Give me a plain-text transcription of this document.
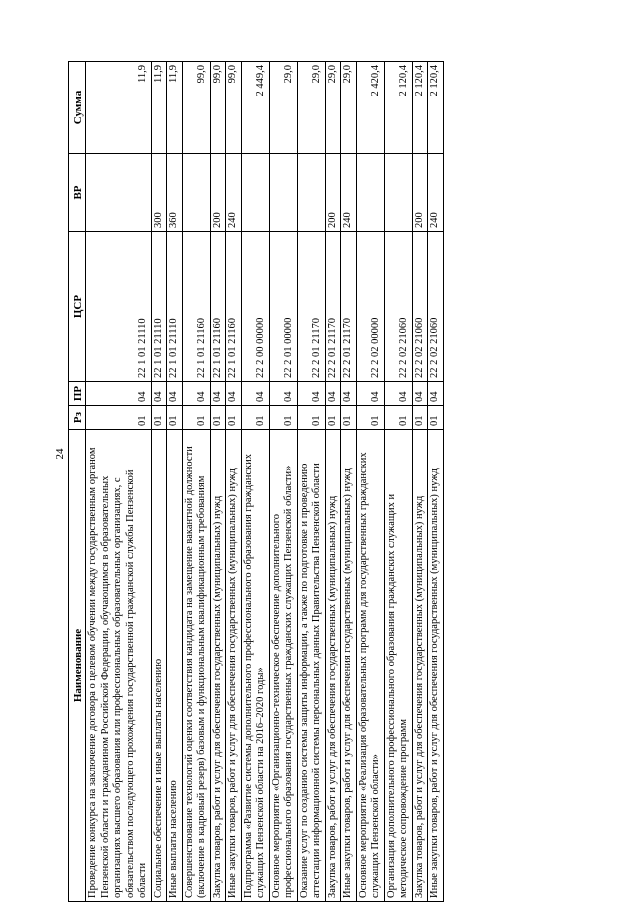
24
Наименование	Рз	ПР	ЦСР	ВР	Сумма
Проведение конкурса на заключение договора о целевом обучении между государственным органом Пензенской области и гражданином Российской Федерации, обучающимся в образовательных организациях высшего образования или профессиональных образовательных организациях, с обязательством последующего прохождения государственной гражданской службы Пензенской области	01	04	22 1 01 21110		11,9
Социальное обеспечение и иные выплаты населению	01	04	22 1 01 21110	300	11,9
Иные выплаты населению	01	04	22 1 01 21110	360	11,9
Совершенствование технологий оценки соответствия кандидата на замещение вакантной должности (включение в кадровый резерв) базовым и функциональным квалификационным требованиям	01	04	22 1 01 21160		99,0
Закупка товаров, работ и услуг для обеспечения государственных (муниципальных) нужд	01	04	22 1 01 21160	200	99,0
Иные закупки товаров, работ и услуг для обеспечения государственных (муниципальных) нужд	01	04	22 1 01 21160	240	99,0
Подпрограмма «Развитие системы дополнительного профессионального образования гражданских служащих Пензенской области на 2016–2020 годы»	01	04	22 2 00 00000		2 449,4
Основное мероприятие «Организационно-техническое обеспечение дополнительного профессионального образования государственных гражданских служащих Пензенской области»	01	04	22 2 01 00000		29,0
Оказание услуг по созданию системы защиты информации, а также по подготовке и проведению аттестации информационной системы персональных данных Правительства Пензенской области	01	04	22 2 01 21170		29,0
Закупка товаров, работ и услуг для обеспечения государственных (муниципальных) нужд	01	04	22 2 01 21170	200	29,0
Иные закупки товаров, работ и услуг для обеспечения государственных (муниципальных) нужд	01	04	22 2 01 21170	240	29,0
Основное мероприятие «Реализация образовательных программ для государственных гражданских служащих Пензенской области»	01	04	22 2 02 00000		2 420,4
Организация дополнительного профессионального образования гражданских служащих и методическое сопровождение программ	01	04	22 2 02 21060		2 120,4
Закупка товаров, работ и услуг для обеспечения государственных (муниципальных) нужд	01	04	22 2 02 21060	200	2 120,4
Иные закупки товаров, работ и услуг для обеспечения государственных (муниципальных) нужд	01	04	22 2 02 21060	240	2 120,4
